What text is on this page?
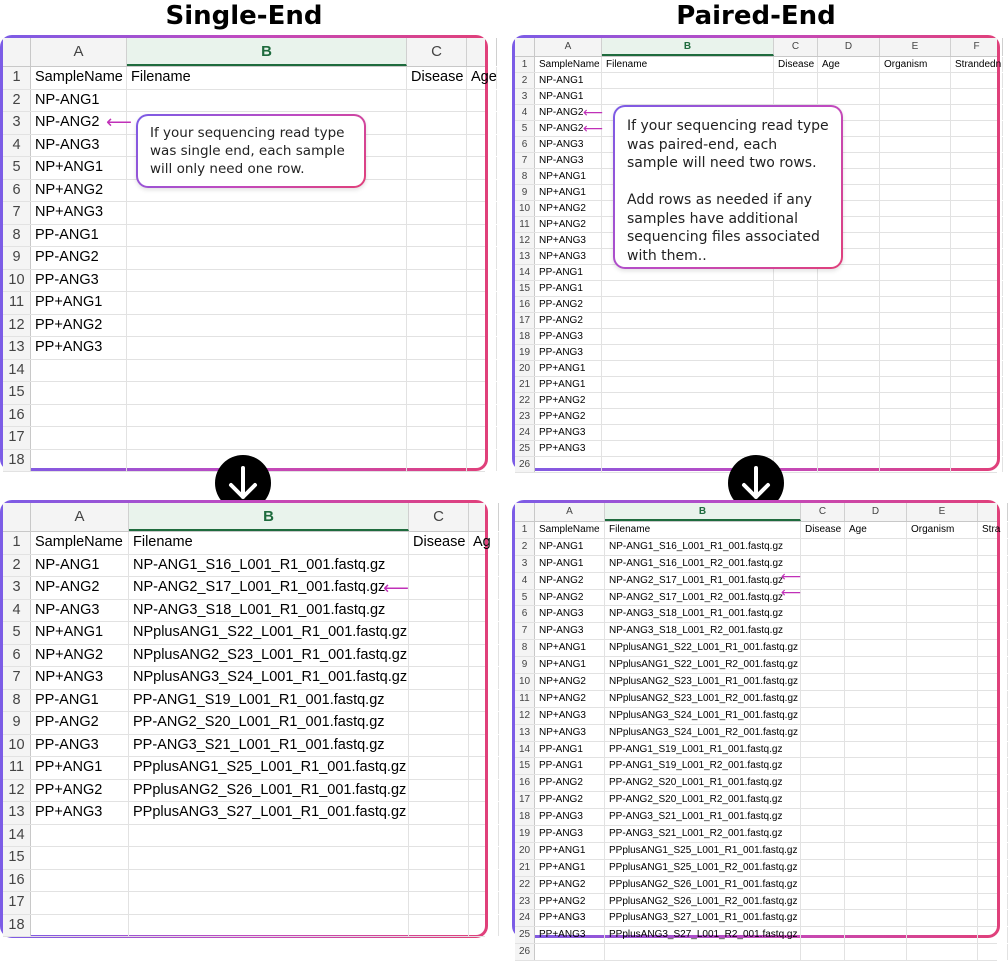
Single-End	Paired-End
A	B	C
1 SampleName Filename	Disease Age
2 NP-ANG1
3 NP-ANG2
4 NP-ANG3
5 NP+ANG1
6 NP+ANG2
7 NP+ANG3
8 PP-ANG1
9 PP-ANG2
10 PP-ANG3
11 PP+ANG1
12 PP+ANG2
13 PP+ANG3
14
15
16
17
18
⟵	If your sequencing read type was single end, each sample will only need one row.
A	B	C	D	E	F
1	SampleName Filename	Disease Age	Organism	Strandedn
2	NP-ANG1
3	NP-ANG1
4	NP-ANG2
5	NP-ANG2
6	NP-ANG3
7	NP-ANG3
8	NP+ANG1
9	NP+ANG1
10 NP+ANG2
11 NP+ANG2
12 NP+ANG3
13 NP+ANG3
14 PP-ANG1
15 PP-ANG1
16 PP-ANG2
17 PP-ANG2
18 PP-ANG3
19 PP-ANG3
20 PP+ANG1
21 PP+ANG1
22 PP+ANG2
23 PP+ANG2
24 PP+ANG3
25 PP+ANG3
26
⟵
⟵	If your sequencing read type was paired-end, each sample will need two rows.

Add rows as needed if any samples have additional sequencing files associated with them..
A	B	C
1 SampleName Filename	Disease Ag
2 NP-ANG1	NP-ANG1_S16_L001_R1_001.fastq.gz
3 NP-ANG2	NP-ANG2_S17_L001_R1_001.fastq.gz
4 NP-ANG3	NP-ANG3_S18_L001_R1_001.fastq.gz
5 NP+ANG1	NPplusANG1_S22_L001_R1_001.fastq.gz
6 NP+ANG2	NPplusANG2_S23_L001_R1_001.fastq.gz
7 NP+ANG3	NPplusANG3_S24_L001_R1_001.fastq.gz
8 PP-ANG1	PP-ANG1_S19_L001_R1_001.fastq.gz
9 PP-ANG2	PP-ANG2_S20_L001_R1_001.fastq.gz
10 PP-ANG3	PP-ANG3_S21_L001_R1_001.fastq.gz
11 PP+ANG1	PPplusANG1_S25_L001_R1_001.fastq.gz
12 PP+ANG2	PPplusANG2_S26_L001_R1_001.fastq.gz
13 PP+ANG3	PPplusANG3_S27_L001_R1_001.fastq.gz
14
15
16
17
18
⟵
A	B	C	D	E
1	SampleName Filename	Disease Age	Organism	Stra
2	NP-ANG1	NP-ANG1_S16_L001_R1_001.fastq.gz
3	NP-ANG1	NP-ANG1_S16_L001_R2_001.fastq.gz
4	NP-ANG2	NP-ANG2_S17_L001_R1_001.fastq.gz
5	NP-ANG2	NP-ANG2_S17_L001_R2_001.fastq.gz
6	NP-ANG3	NP-ANG3_S18_L001_R1_001.fastq.gz
7	NP-ANG3	NP-ANG3_S18_L001_R2_001.fastq.gz
8	NP+ANG1	NPplusANG1_S22_L001_R1_001.fastq.gz
9	NP+ANG1	NPplusANG1_S22_L001_R2_001.fastq.gz
10 NP+ANG2	NPplusANG2_S23_L001_R1_001.fastq.gz
11 NP+ANG2	NPplusANG2_S23_L001_R2_001.fastq.gz
12 NP+ANG3	NPplusANG3_S24_L001_R1_001.fastq.gz
13 NP+ANG3	NPplusANG3_S24_L001_R2_001.fastq.gz
14 PP-ANG1	PP-ANG1_S19_L001_R1_001.fastq.gz
15 PP-ANG1	PP-ANG1_S19_L001_R2_001.fastq.gz
16 PP-ANG2	PP-ANG2_S20_L001_R1_001.fastq.gz
17 PP-ANG2	PP-ANG2_S20_L001_R2_001.fastq.gz
18 PP-ANG3	PP-ANG3_S21_L001_R1_001.fastq.gz
19 PP-ANG3	PP-ANG3_S21_L001_R2_001.fastq.gz
20 PP+ANG1	PPplusANG1_S25_L001_R1_001.fastq.gz
21 PP+ANG1	PPplusANG1_S25_L001_R2_001.fastq.gz
22 PP+ANG2	PPplusANG2_S26_L001_R1_001.fastq.gz
23 PP+ANG2	PPplusANG2_S26_L001_R2_001.fastq.gz
24 PP+ANG3	PPplusANG3_S27_L001_R1_001.fastq.gz
25 PP+ANG3	PPplusANG3_S27_L001_R2_001.fastq.gz
26
⟵
⟵
